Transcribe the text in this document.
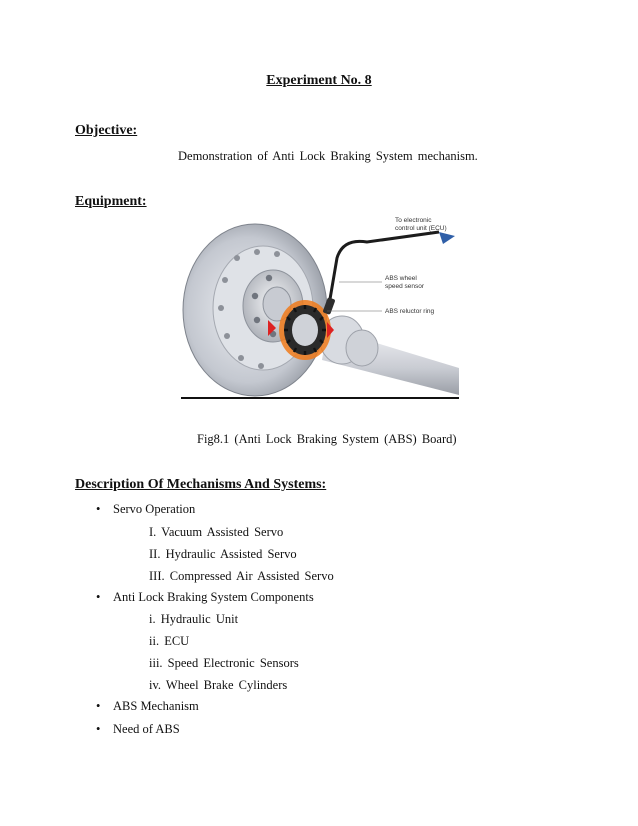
Experiment No. 8
Objective:
Demonstration of Anti Lock Braking System mechanism.
Equipment:
To electronic
control unit (ECU)
ABS wheel
speed sensor
ABS reluctor ring
Fig8.1 (Anti Lock Braking System (ABS) Board)
Description Of Mechanisms And Systems:
• Servo Operation
I. Vacuum Assisted Servo
II. Hydraulic Assisted Servo
III. Compressed Air Assisted Servo
• Anti Lock Braking System Components
i. Hydraulic Unit
ii. ECU
iii. Speed Electronic Sensors
iv. Wheel Brake Cylinders
• ABS Mechanism
• Need of ABS
